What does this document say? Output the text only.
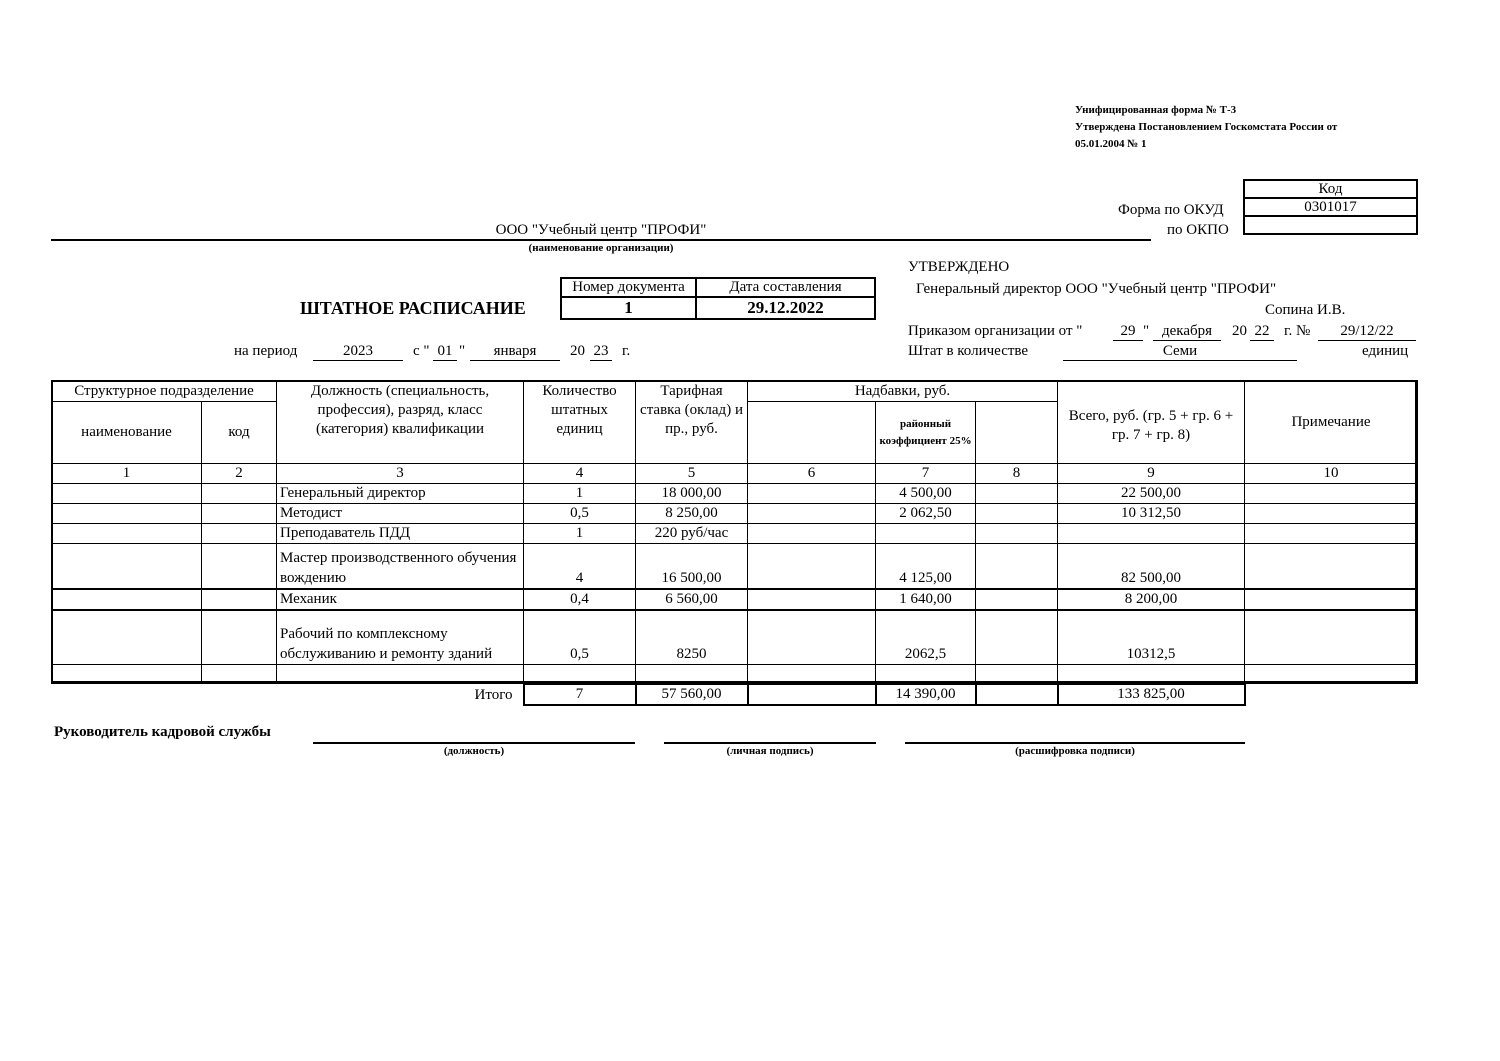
Унифицированная форма № Т-3
Утверждена Постановлением Госкомстата России от
05.01.2004 № 1
Форма по ОКУД
по ОКПО
Код
0301017

ООО "Учебный центр "ПРОФИ"
(наименование организации)
УТВЕРЖДЕНО
Генеральный директор ООО "Учебный центр "ПРОФИ"
Сопина И.В.
Приказом организации от "	29 " декабря	20 22 г. №	29/12/22
Штат в количестве	Семи	единиц
ШТАТНОЕ РАСПИСАНИЕ
Номер документа	Дата составления
1	29.12.2022
на период	2023	с " 01 "	января	20 23 г.
Структурное подразделение		Должность (специальность, профессия), разряд, класс (категория) квалификации	Количество штатных единиц	Тарифная ставка (оклад) и пр., руб.	Надбавки, руб.			Всего, руб. (гр. 5 + гр. 6 + гр. 7 + гр. 8)	Примечание
наименование	код					районный коэффициент 25%			
1	2	3	4	5	6	7	8	9	10
		Генеральный директор	1	18 000,00		4 500,00		22 500,00	
		Методист	0,5	8 250,00		2 062,50		10 312,50	
		Преподаватель ПДД	1	220 руб/час					
		Мастер производственного обучения вождению	4	16 500,00		4 125,00		82 500,00	
		Механик	0,4	6 560,00		1 640,00		8 200,00	
		Рабочий по комплексному обслуживанию и ремонту зданий	0,5	8250		2062,5		10312,5	

		Итого	7	57 560,00		14 390,00		133 825,00	
Руководитель кадровой службы
(должность)	(личная подпись)	(расшифровка подписи)
